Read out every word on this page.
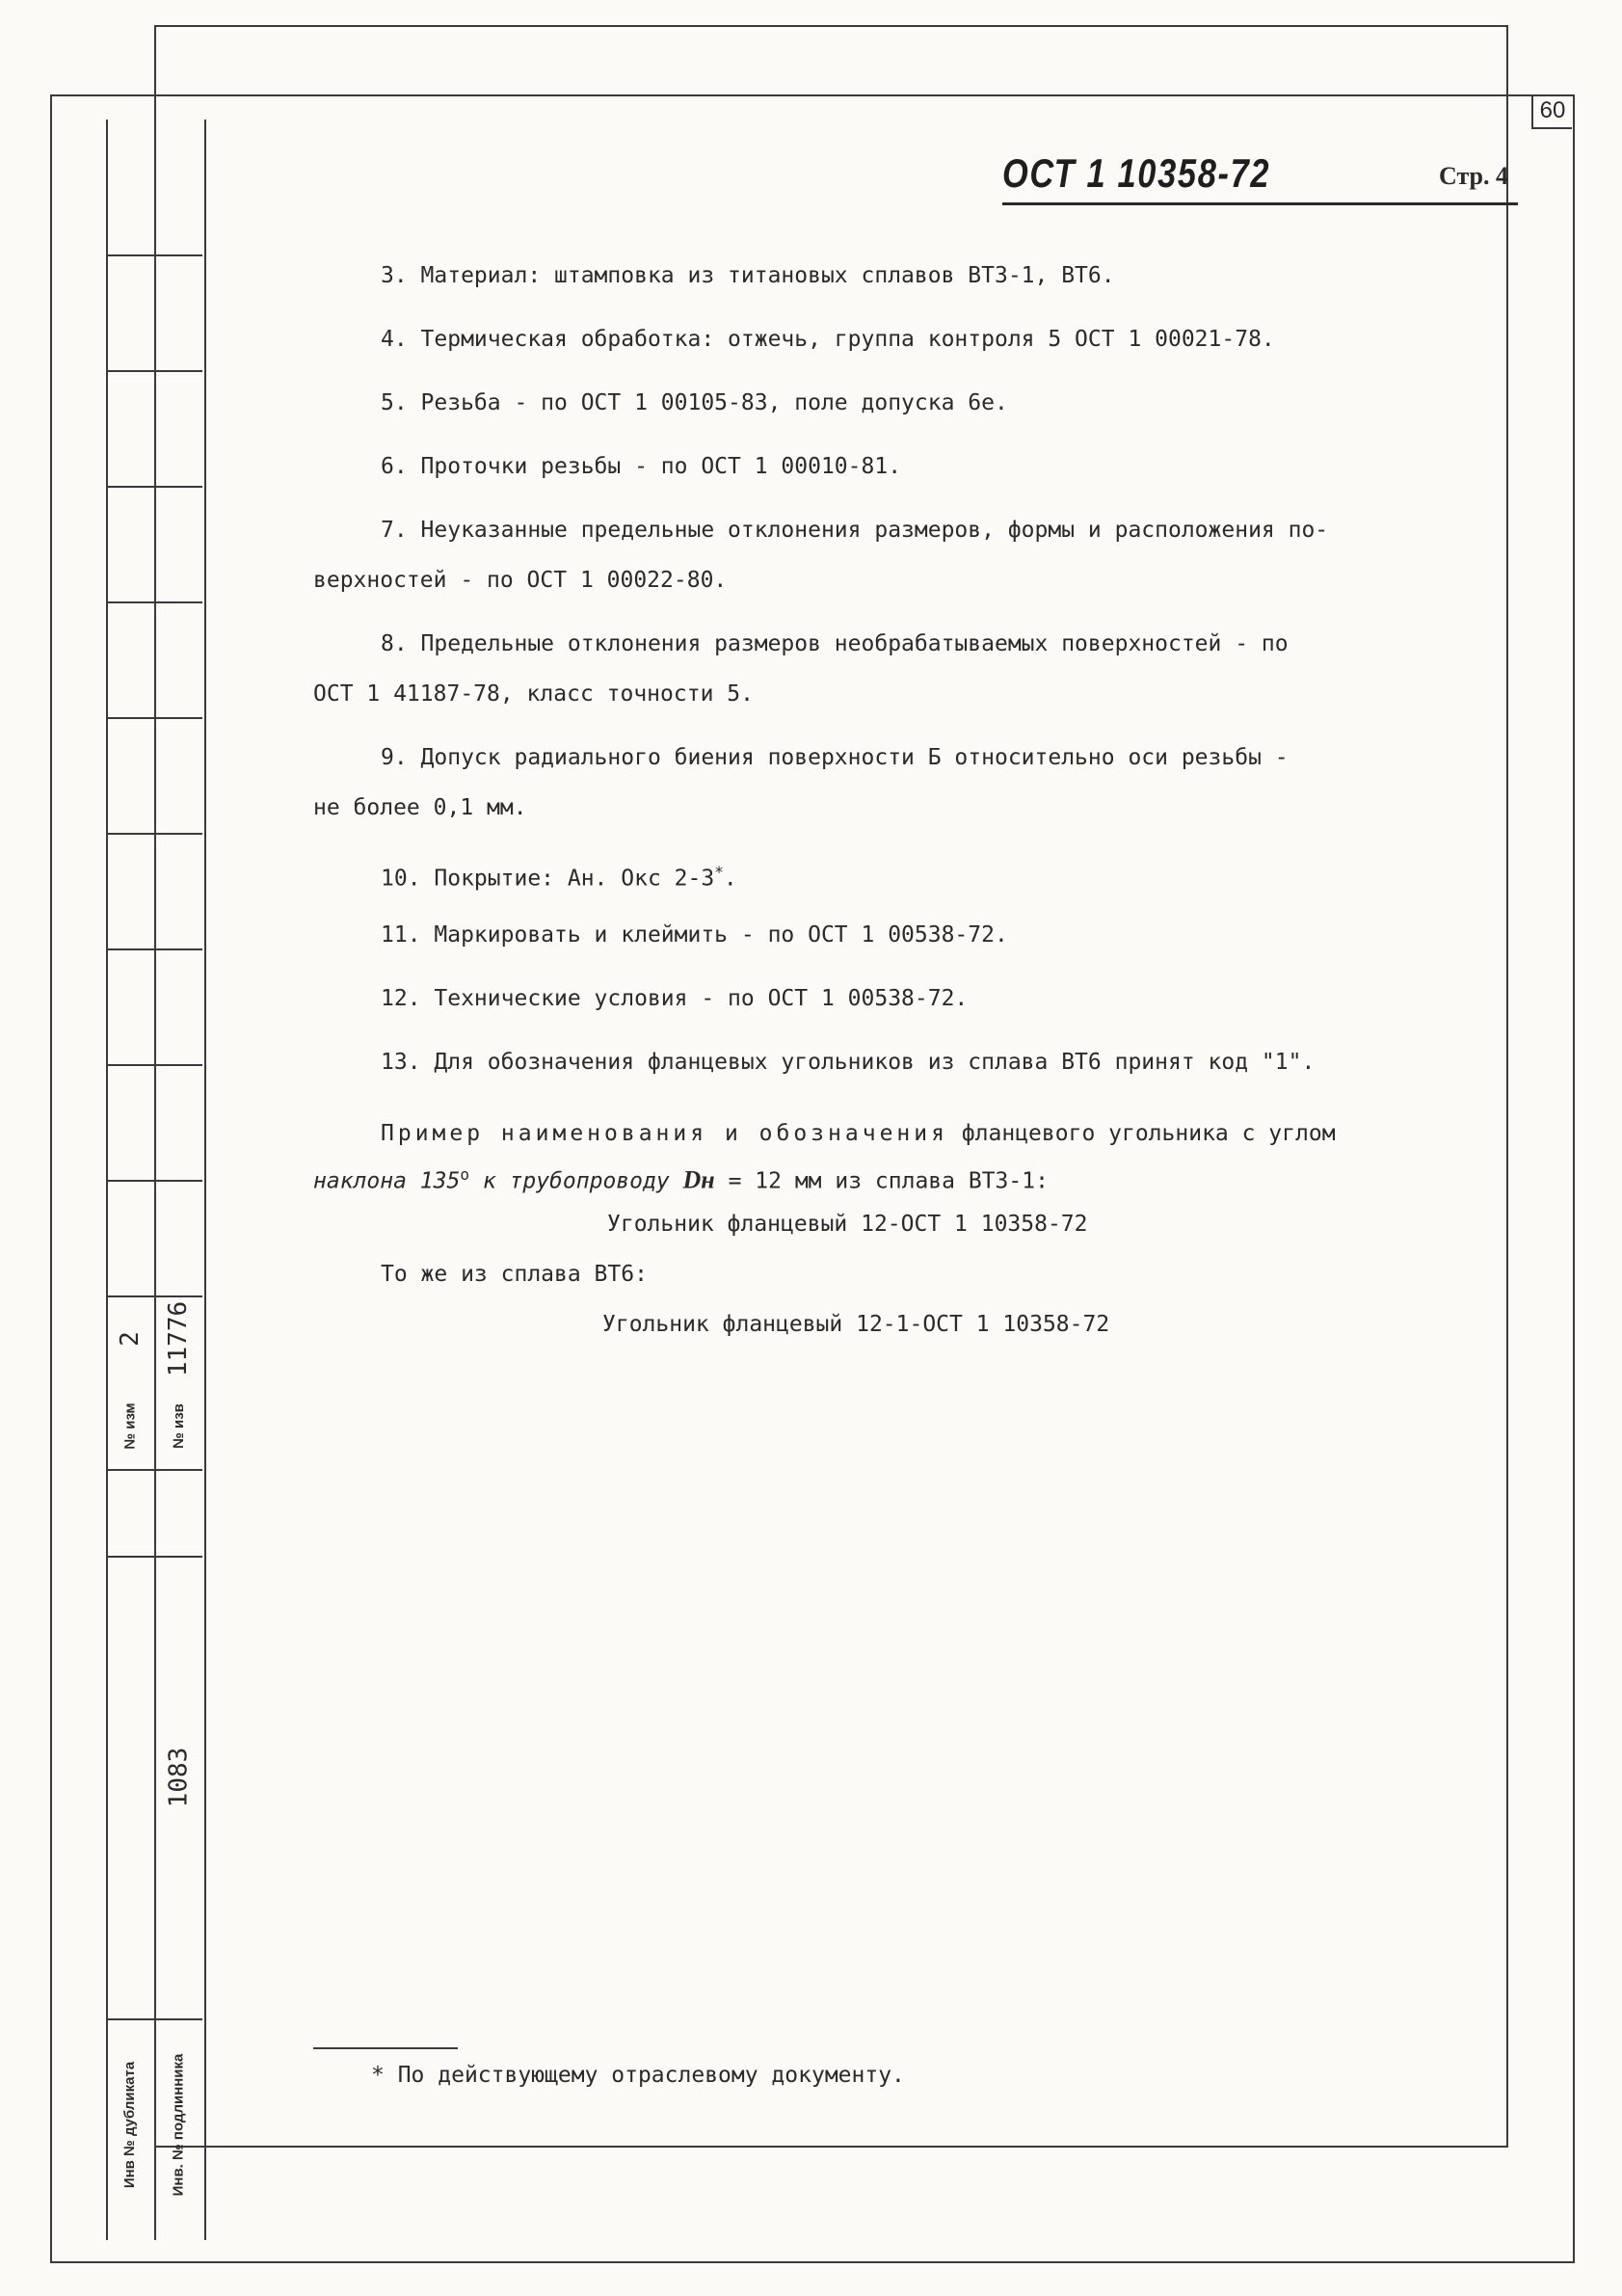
60
2
№ изм
11776
№ изв
1083
Инв № дубликата Инв. № подлинника
ОСТ 1 10358-72	Стр. 4
3. Материал: штамповка из титановых сплавов ВТ3-1, ВТ6.
4. Термическая обработка: отжечь, группа контроля 5 ОСТ 1 00021-78.
5. Резьба - по ОСТ 1 00105-83, поле допуска 6е.
6. Проточки резьбы - по ОСТ 1 00010-81.
7. Неуказанные предельные отклонения размеров, формы и расположения по-
верхностей - по ОСТ 1 00022-80.
8. Предельные отклонения размеров необрабатываемых поверхностей - по
ОСТ 1 41187-78, класс точности 5.
9. Допуск радиального биения поверхности Б относительно оси резьбы -
не более 0,1 мм.
10. Покрытие: Ан. Окс 2-3*.
11. Маркировать и клеймить - по ОСТ 1 00538-72.
12. Технические условия - по ОСТ 1 00538-72.
13. Для обозначения фланцевых угольников из сплава ВТ6 принят код "1".
Пример наименования и обозначения фланцевого угольника с углом
наклона $135^о$ к трубопроводу Dн = 12 мм из сплава ВТ3-1:
Угольник фланцевый 12-ОСТ 1 10358-72
То же из сплава ВТ6:
Угольник фланцевый 12-1-ОСТ 1 10358-72
* По действующему отраслевому документу.
